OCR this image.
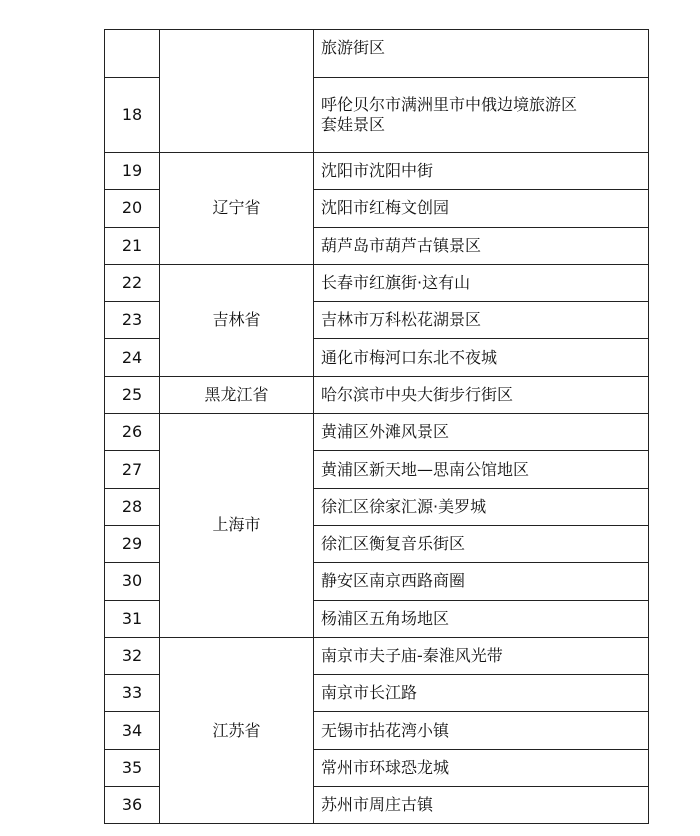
		旅游街区
18		呼伦贝尔市满洲里市中俄边境旅游区
套娃景区

19	辽宁省	沈阳市沈阳中街
20		沈阳市红梅文创园
21		葫芦岛市葫芦古镇景区
22	吉林省	长春市红旗街·这有山
23		吉林市万科松花湖景区
24		通化市梅河口东北不夜城
25	黑龙江省	哈尔滨市中央大街步行街区
26	上海市	黄浦区外滩风景区
27		黄浦区新天地—思南公馆地区
28		徐汇区徐家汇源·美罗城
29		徐汇区衡复音乐街区
30		静安区南京西路商圈
31		杨浦区五角场地区
32	江苏省	南京市夫子庙-秦淮风光带
33		南京市长江路
34		无锡市拈花湾小镇
35		常州市环球恐龙城
36		苏州市周庄古镇
